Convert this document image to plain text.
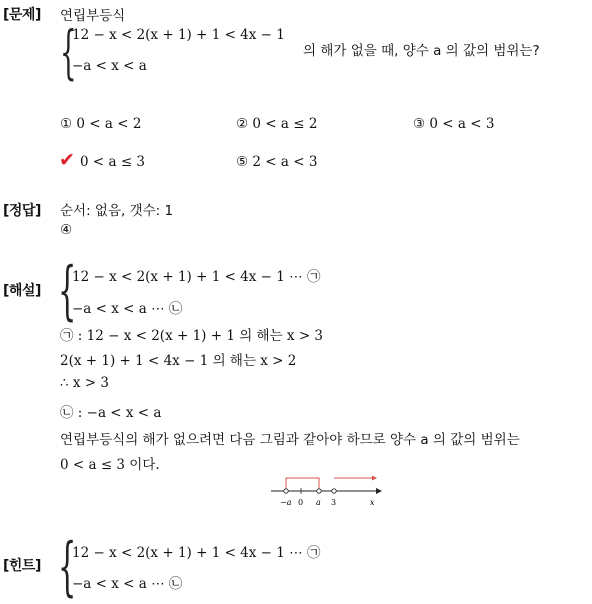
[문제] 연립부등식
{
12 − x < 2(x + 1) + 1 < 4x − 1
−a < x < a
의 해가 없을 때, 양수 a 의 값의 범위는?
① 0 < a < 2	② 0 < a ≤ 2	③ 0 < a < 3
✔ 0 < a ≤ 3	⑤ 2 < a < 3
[정답] 순서: 없음, 갯수: 1
④
[해설] {
12 − x < 2(x + 1) + 1 < 4x − 1 ⋯ ㉠
−a < x < a ⋯ ㉡
㉠ : 12 − x < 2(x + 1) + 1 의 해는 x > 3
2(x + 1) + 1 < 4x − 1 의 해는 x > 2
∴ x > 3
㉡ : −a < x < a
연립부등식의 해가 없으려면 다음 그림과 같아야 하므로 양수 a 의 값의 범위는
0 < a ≤ 3 이다.
−a 0 a 3	x
[힌트] {
12 − x < 2(x + 1) + 1 < 4x − 1 ⋯ ㉠
−a < x < a ⋯ ㉡
